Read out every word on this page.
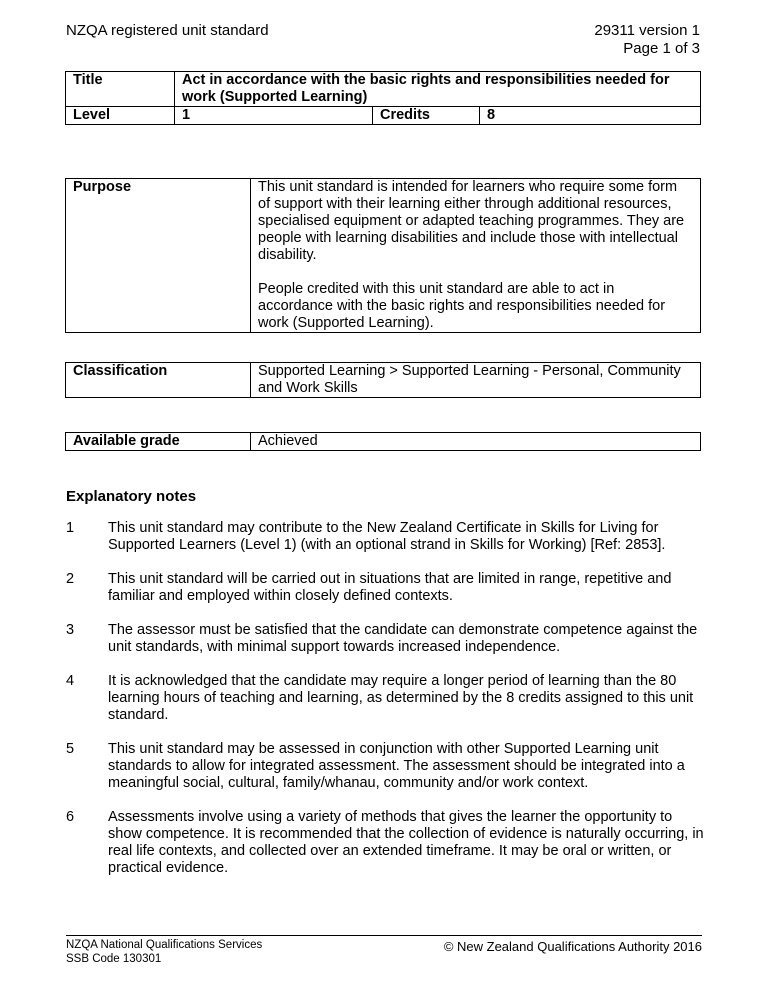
NZQA registered unit standard	29311 version 1
Page 1 of 3
Title	Act in accordance with the basic rights and responsibilities needed for work (Supported Learning)		
Level	1	Credits	8
Purpose	This unit standard is intended for learners who require some form of support with their learning either through additional resources, specialised equipment or adapted teaching programmes. They are people with learning disabilities and include those with intellectual disability.

People credited with this unit standard are able to act in accordance with the basic rights and responsibilities needed for work (Supported Learning).

Classification	Supported Learning > Supported Learning - Personal, Community and Work Skills
Available grade	Achieved
Explanatory notes
1 This unit standard may contribute to the New Zealand Certificate in Skills for Living for Supported Learners (Level 1) (with an optional strand in Skills for Working) [Ref: 2853].
2 This unit standard will be carried out in situations that are limited in range, repetitive and familiar and employed within closely defined contexts.
3 The assessor must be satisfied that the candidate can demonstrate competence against the unit standards, with minimal support towards increased independence.
4 It is acknowledged that the candidate may require a longer period of learning than the 80 learning hours of teaching and learning, as determined by the 8 credits assigned to this unit standard.
5 This unit standard may be assessed in conjunction with other Supported Learning unit standards to allow for integrated assessment. The assessment should be integrated into a meaningful social, cultural, family/whanau, community and/or work context.
6 Assessments involve using a variety of methods that gives the learner the opportunity to show competence. It is recommended that the collection of evidence is naturally occurring, in real life contexts, and collected over an extended timeframe. It may be oral or written, or practical evidence.
NZQA National Qualifications Services
SSB Code 130301
© New Zealand Qualifications Authority 2016
